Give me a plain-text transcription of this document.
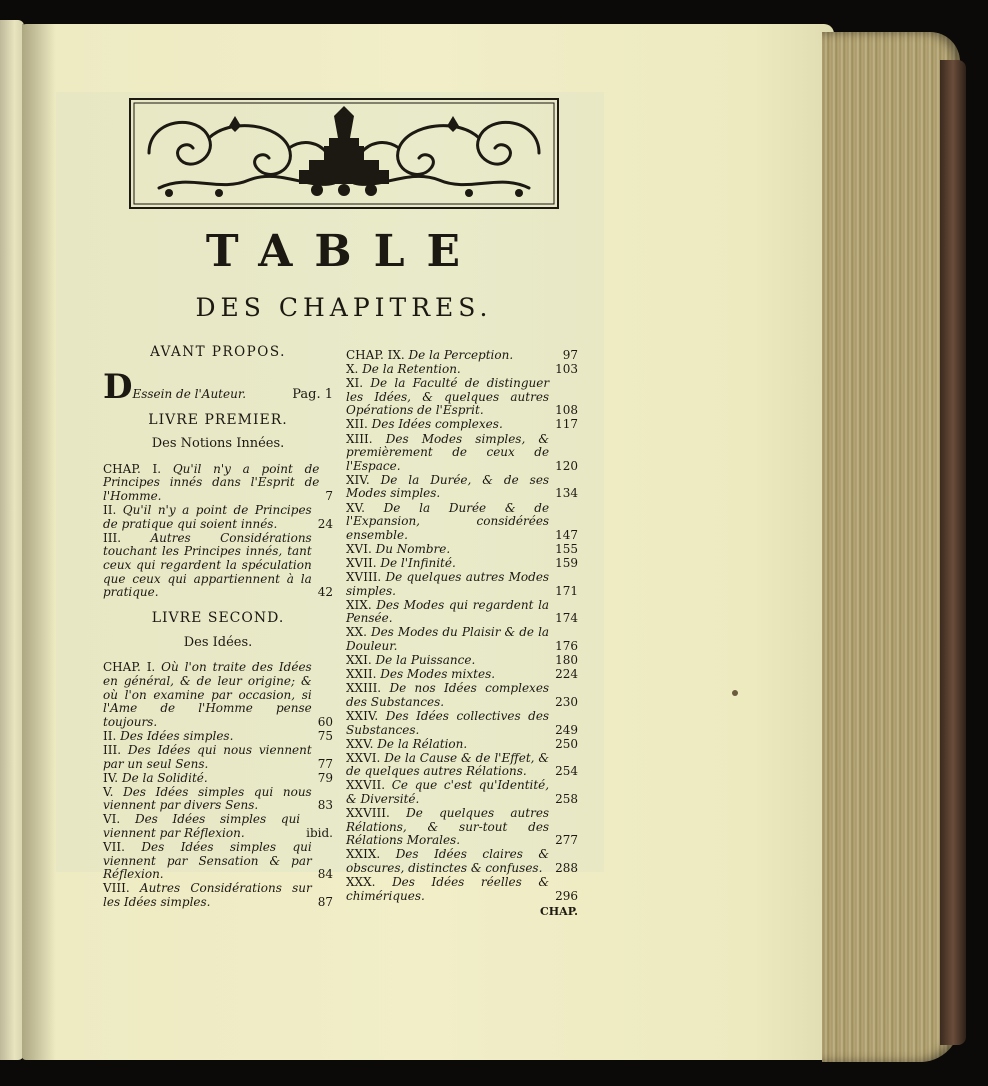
TABLE
DES CHAPITRES.
AVANT PROPOS.
D Essein de l'Auteur.	Pag. 1
LIVRE PREMIER.
Des Notions Innées.
CHAP. I. Qu'il n'y a point de Principes innés dans l'Esprit de l'Homme.	7
II. Qu'il n'y a point de Principes de pratique qui soient innés.	24
III. Autres Considérations touchant les Principes innés, tant ceux qui regardent la spéculation que ceux qui appartiennent à la pratique.	42
LIVRE SECOND.
Des Idées.
CHAP. I. Où l'on traite des Idées en général, & de leur origine; & où l'on examine par occasion, si l'Ame de l'Homme pense toujours.	60
II. Des Idées simples.	75
III. Des Idées qui nous viennent par un seul Sens.	77
IV. De la Solidité.	79
V. Des Idées simples qui nous viennent par divers Sens.	83
VI. Des Idées simples qui viennent par Réflexion.	ibid.
VII. Des Idées simples qui viennent par Sensation & par Réflexion.	84
VIII. Autres Considérations sur les Idées simples.	87
CHAP. IX. De la Perception.	97
X. De la Retention.	103
XI. De la Faculté de distinguer les Idées, & quelques autres Opérations de l'Esprit.	108
XII. Des Idées complexes.	117
XIII. Des Modes simples, & premièrement de ceux de l'Espace.	120
XIV. De la Durée, & de ses Modes simples.	134
XV. De la Durée & de l'Expansion, considérées ensemble.	147
XVI. Du Nombre.	155
XVII. De l'Infinité.	159
XVIII. De quelques autres Modes simples.	171
XIX. Des Modes qui regardent la Pensée.	174
XX. Des Modes du Plaisir & de la Douleur.	176
XXI. De la Puissance.	180
XXII. Des Modes mixtes.	224
XXIII. De nos Idées complexes des Substances.	230
XXIV. Des Idées collectives des Substances.	249
XXV. De la Rélation.	250
XXVI. De la Cause & de l'Effet, & de quelques autres Rélations.	254
XXVII. Ce que c'est qu'Identité, & Diversité.	258
XXVIII. De quelques autres Rélations, & sur-tout des Rélations Morales.	277
XXIX. Des Idées claires & obscures, distinctes & confuses.	288
XXX. Des Idées réelles & chimériques.	296
CHAP.
